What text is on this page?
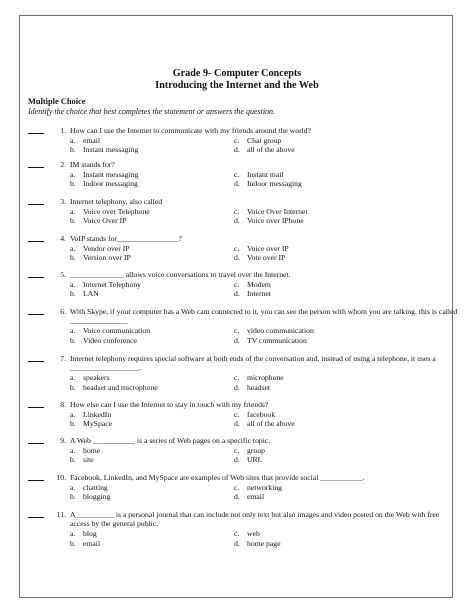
Grade 9- Computer Concepts
Introducing the Internet and the Web
Multiple Choice
Identify the choice that best completes the statement or answers the question.
1. How can I use the Internet to communicate with my friends around the world?
a. email	c. Chat group
b. Instant messaging	d. all of the above
2. IM stands for?
a. Instant messaging	c. Instant mail
b. Indoor messaging	d. Indoor messaging
3. Internet telephony, also called
a. Voice over Telephone	c. Voice Over Internet
b. Voice Over IP	d. Voice over IPhone
4. VoIP stands for________________?
a. Vendor over IP	c. Voice over IP
b. Version over IP	d. Vote over IP
5. ______________ allows voice conversations to travel over the Internet.
a. Internet Telephony	c. Modem
b. LAN	d. Internet
6. With Skype, if your computer has a Web cam connected to it, you can see the person with whom you are talking. this is called _______________
a. Voice communication	c. video communication
b. Video conference	d. TV communication
7. Internet telephony requires special software at both ends of the conversation and, instead of using a telephone, it uses a __________________.
a. speakers	c. microphone
b. headset and microphone	d. headset
8. How else can I use the Internet to stay in touch with my friends?
a. LinkedIn	c. facebook
b. MySpace	d. all of the above
9. A Web ___________ is a series of Web pages on a specific topic.
a. home	c. group
b. site	d. URL
10. Facebook, LinkedIn, and MySpace are examples of Web sites that provide social ___________.
a. chatting	c. networking
b. blogging	d. email
11. A__________ is a personal journal that can include not only text but also images and video posted on the Web with free access by the general public.
a. blog	c. web
b. email	d. home page
